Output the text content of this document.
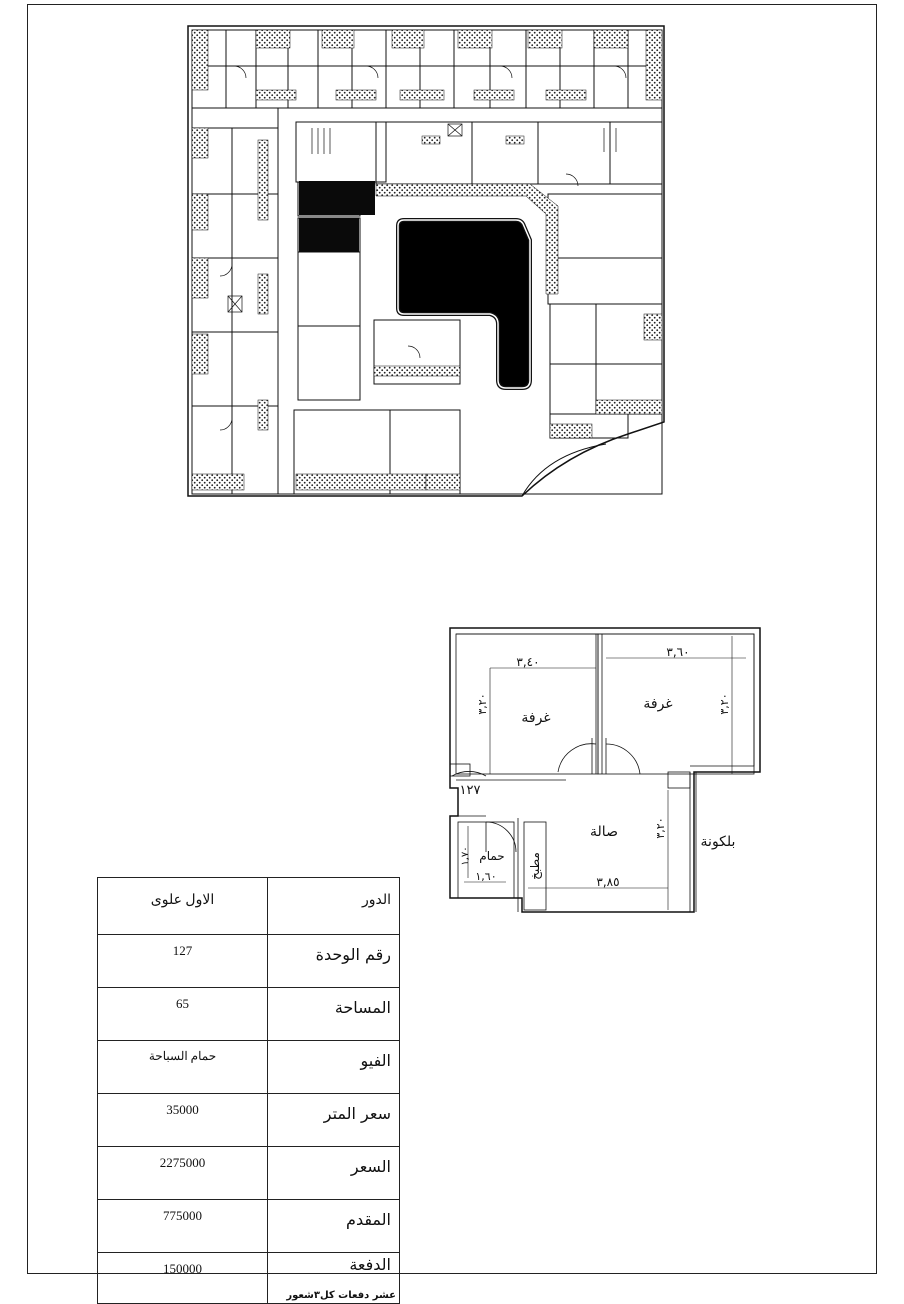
غرفة
غرفة
صالة
بلكونة
حمام مطبخ
١٢٧
٣,٤٠
٣,٦٠
٣,٨٥
١,٦٠
٣,٢٠	٣,٢٠
٣,٢٠
١,٧٠
الاول علوى	الدور
127	رقم الوحدة
65	المساحة
حمام السباحة	الفيو
35000	سعر المتر
2275000	السعر
775000	المقدم
150000	الدفعة
عشر دفعات كل٣شعور
